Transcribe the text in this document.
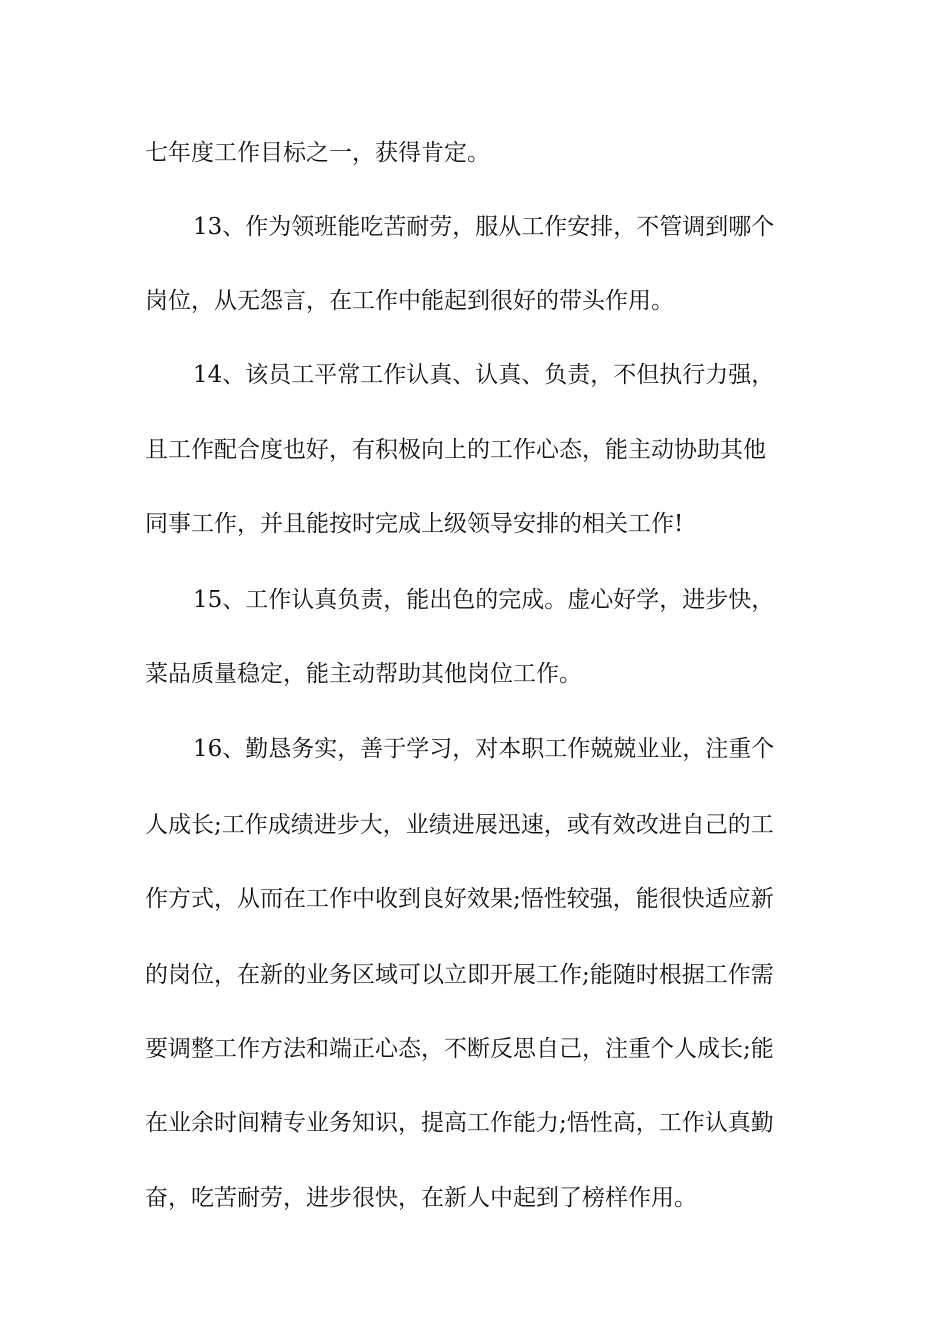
七年度工作目标之一，获得肯定。
13、作为领班能吃苦耐劳，服从工作安排，不管调到哪个
岗位，从无怨言，在工作中能起到很好的带头作用。
14、该员工平常工作认真、认真、负责，不但执行力强，
且工作配合度也好，有积极向上的工作心态，能主动协助其他
同事工作，并且能按时完成上级领导安排的相关工作!
15、工作认真负责，能出色的完成。虚心好学，进步快，
菜品质量稳定，能主动帮助其他岗位工作。
16、勤恳务实，善于学习，对本职工作兢兢业业，注重个
人成长;工作成绩进步大，业绩进展迅速，或有效改进自己的工
作方式，从而在工作中收到良好效果;悟性较强，能很快适应新
的岗位，在新的业务区域可以立即开展工作;能随时根据工作需
要调整工作方法和端正心态，不断反思自己，注重个人成长;能
在业余时间精专业务知识，提高工作能力;悟性高，工作认真勤
奋，吃苦耐劳，进步很快，在新人中起到了榜样作用。
